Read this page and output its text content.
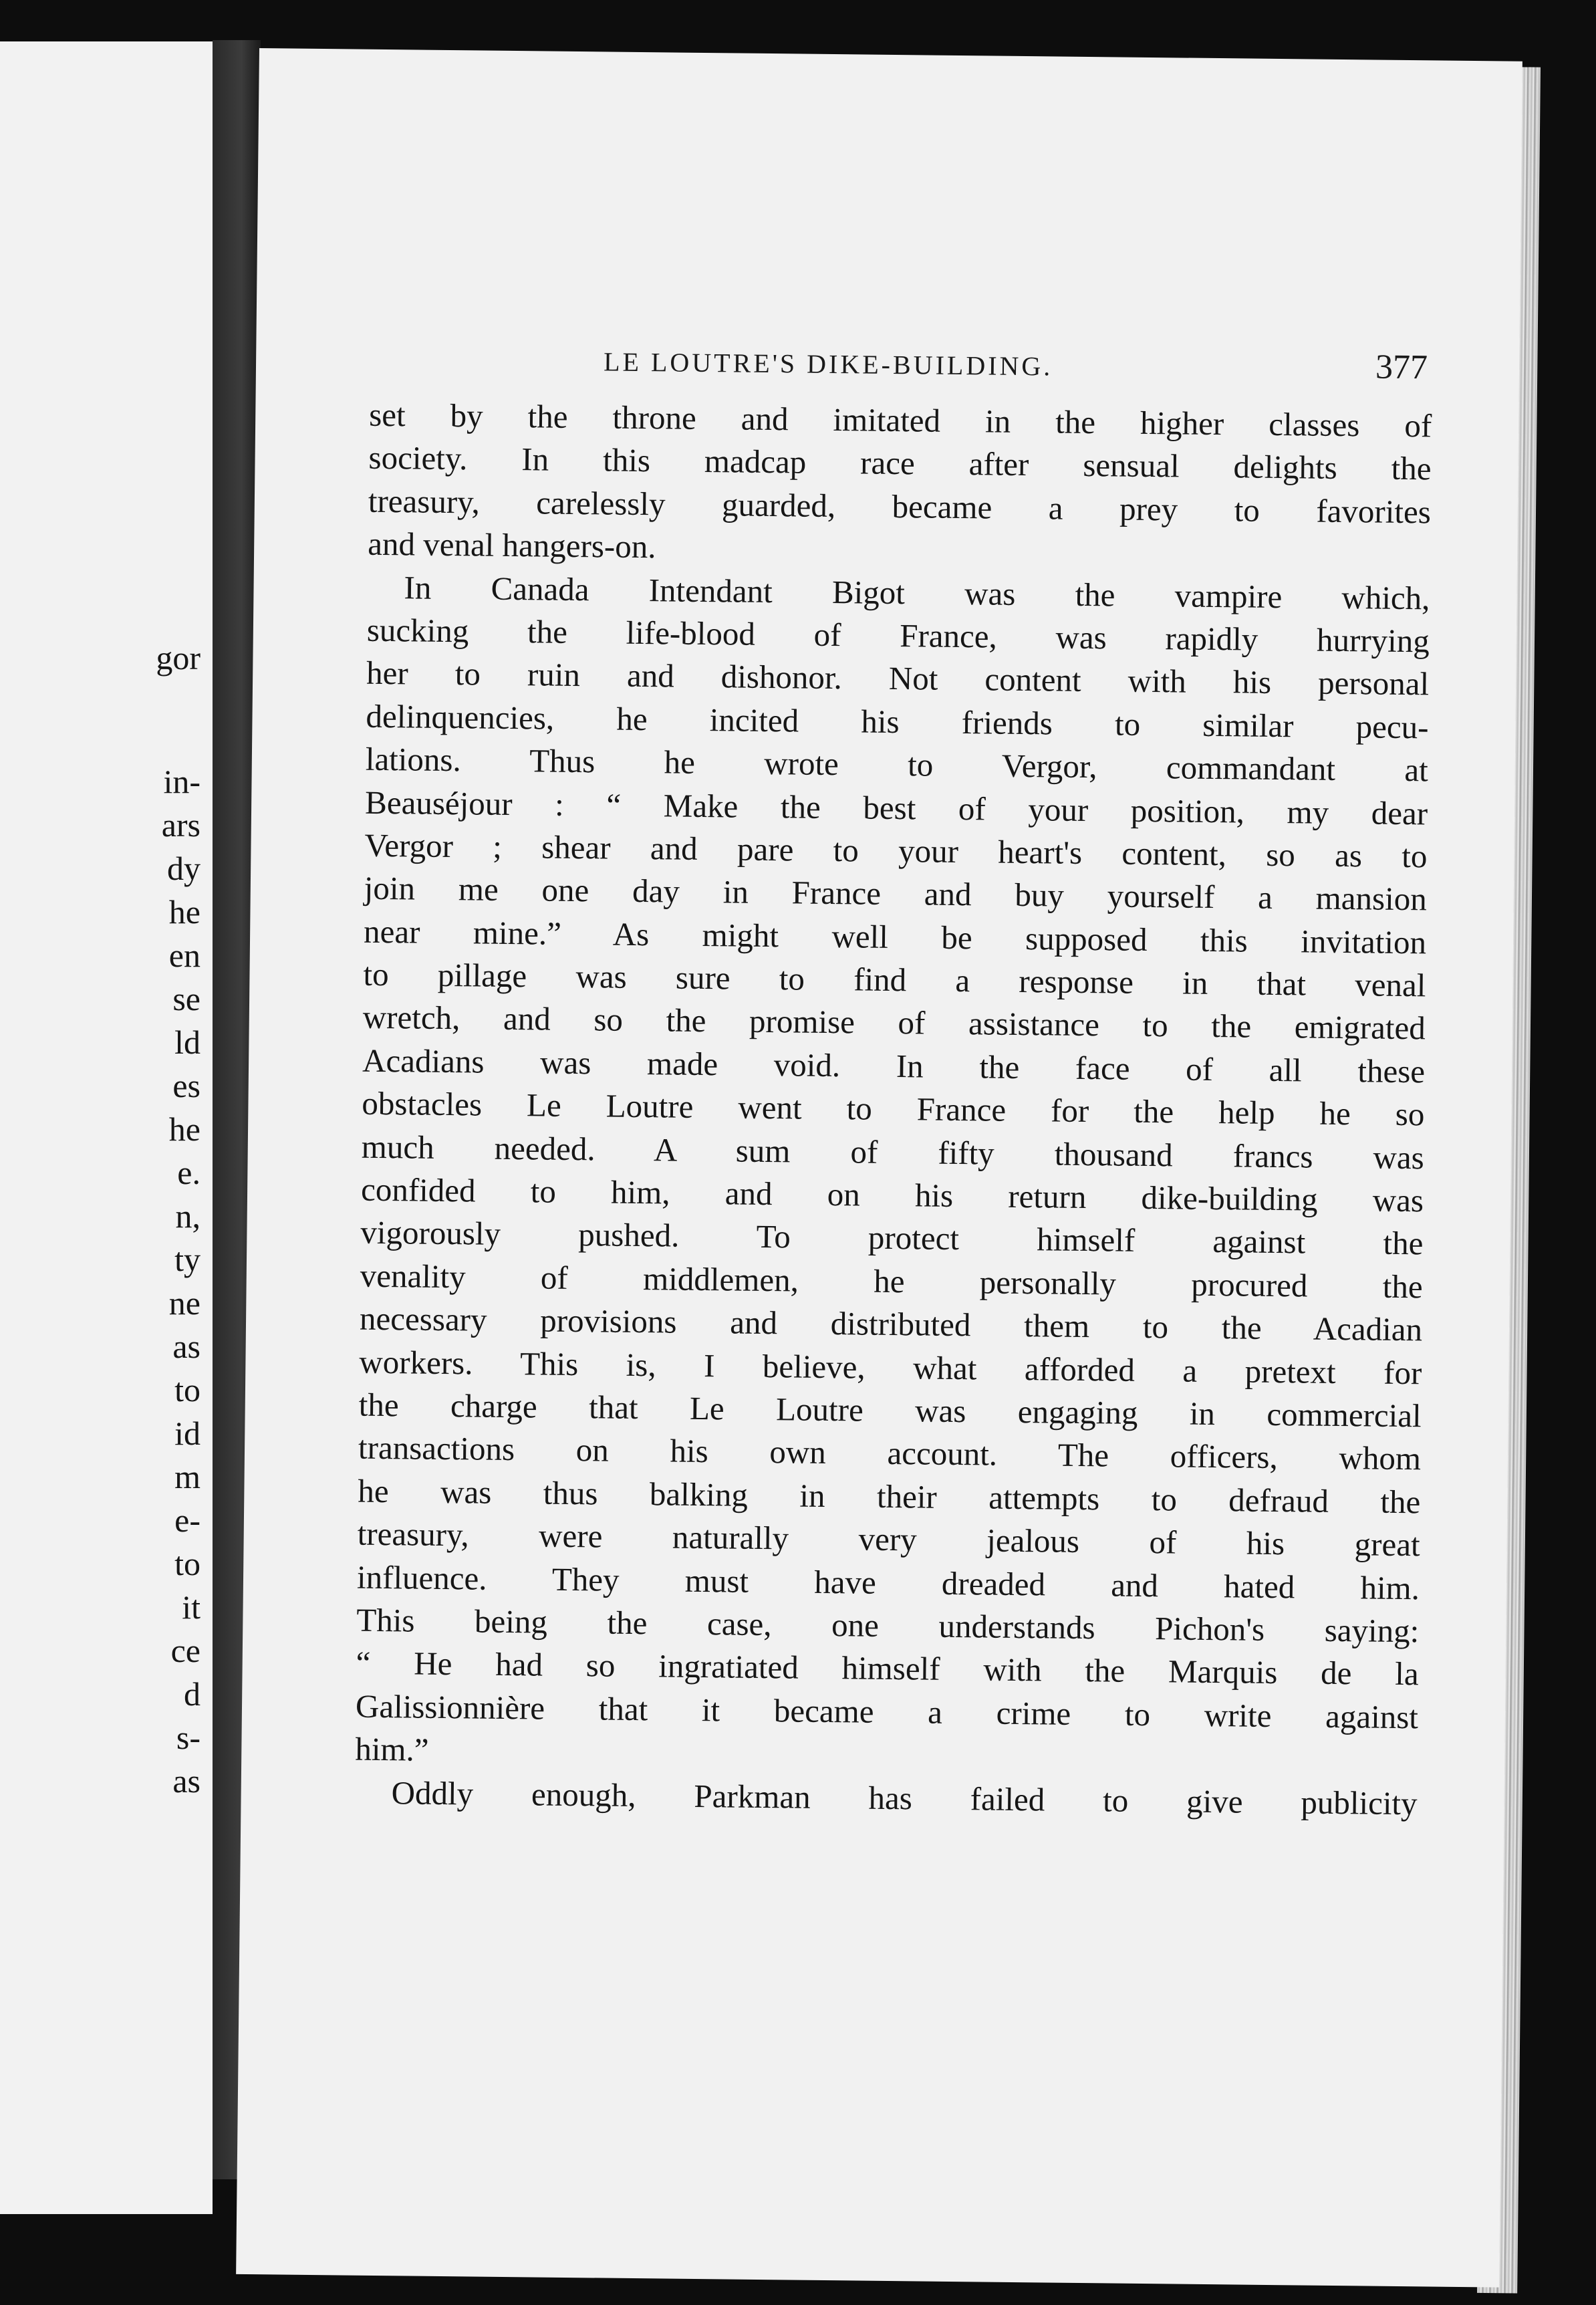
gor
in-
ars
dy
he
en
se
ld
es
he
e.
n,
ty
ne
as
to
id
m
e-
to
it
ce
d
s-
as
LE LOUTRE'S DIKE-BUILDING.	377
set by the throne and imitated in the higher classes of
society. In this madcap race after sensual delights the
treasury, carelessly guarded, became a prey to favorites
and venal hangers-on.
In Canada Intendant Bigot was the vampire which,
sucking the life-blood of France, was rapidly hurrying
her to ruin and dishonor. Not content with his personal
delinquencies, he incited his friends to similar pecu-
lations. Thus he wrote to Vergor, commandant at
Beauséjour : “ Make the best of your position, my dear
Vergor ; shear and pare to your heart's content, so as to
join me one day in France and buy yourself a mansion
near mine.” As might well be supposed this invitation
to pillage was sure to find a response in that venal
wretch, and so the promise of assistance to the emigrated
Acadians was made void. In the face of all these
obstacles Le Loutre went to France for the help he so
much needed. A sum of fifty thousand francs was
confided to him, and on his return dike-building was
vigorously pushed. To protect himself against the
venality of middlemen, he personally procured the
necessary provisions and distributed them to the Acadian
workers. This is, I believe, what afforded a pretext for
the charge that Le Loutre was engaging in commercial
transactions on his own account. The officers, whom
he was thus balking in their attempts to defraud the
treasury, were naturally very jealous of his great
influence. They must have dreaded and hated him.
This being the case, one understands Pichon's saying:
“ He had so ingratiated himself with the Marquis de la
Galissionnière that it became a crime to write against
him.”
Oddly enough, Parkman has failed to give publicity
